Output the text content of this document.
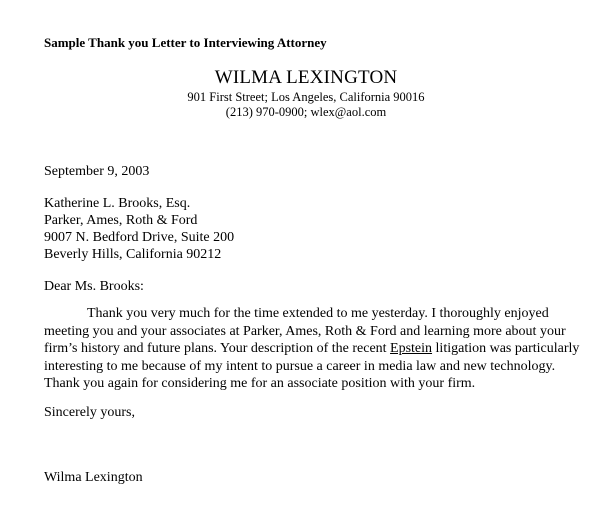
Sample Thank you Letter to Interviewing Attorney
WILMA LEXINGTON
901 First Street; Los Angeles, California 90016
(213) 970-0900; wlex@aol.com
September 9, 2003
Katherine L. Brooks, Esq.
Parker, Ames, Roth & Ford
9007 N. Bedford Drive, Suite 200
Beverly Hills, California 90212
Dear Ms. Brooks:
Thank you very much for the time extended to me yesterday. I thoroughly enjoyed
meeting you and your associates at Parker, Ames, Roth & Ford and learning more about your
firm’s history and future plans. Your description of the recent Epstein litigation was particularly
interesting to me because of my intent to pursue a career in media law and new technology.
Thank you again for considering me for an associate position with your firm.
Sincerely yours,
Wilma Lexington
